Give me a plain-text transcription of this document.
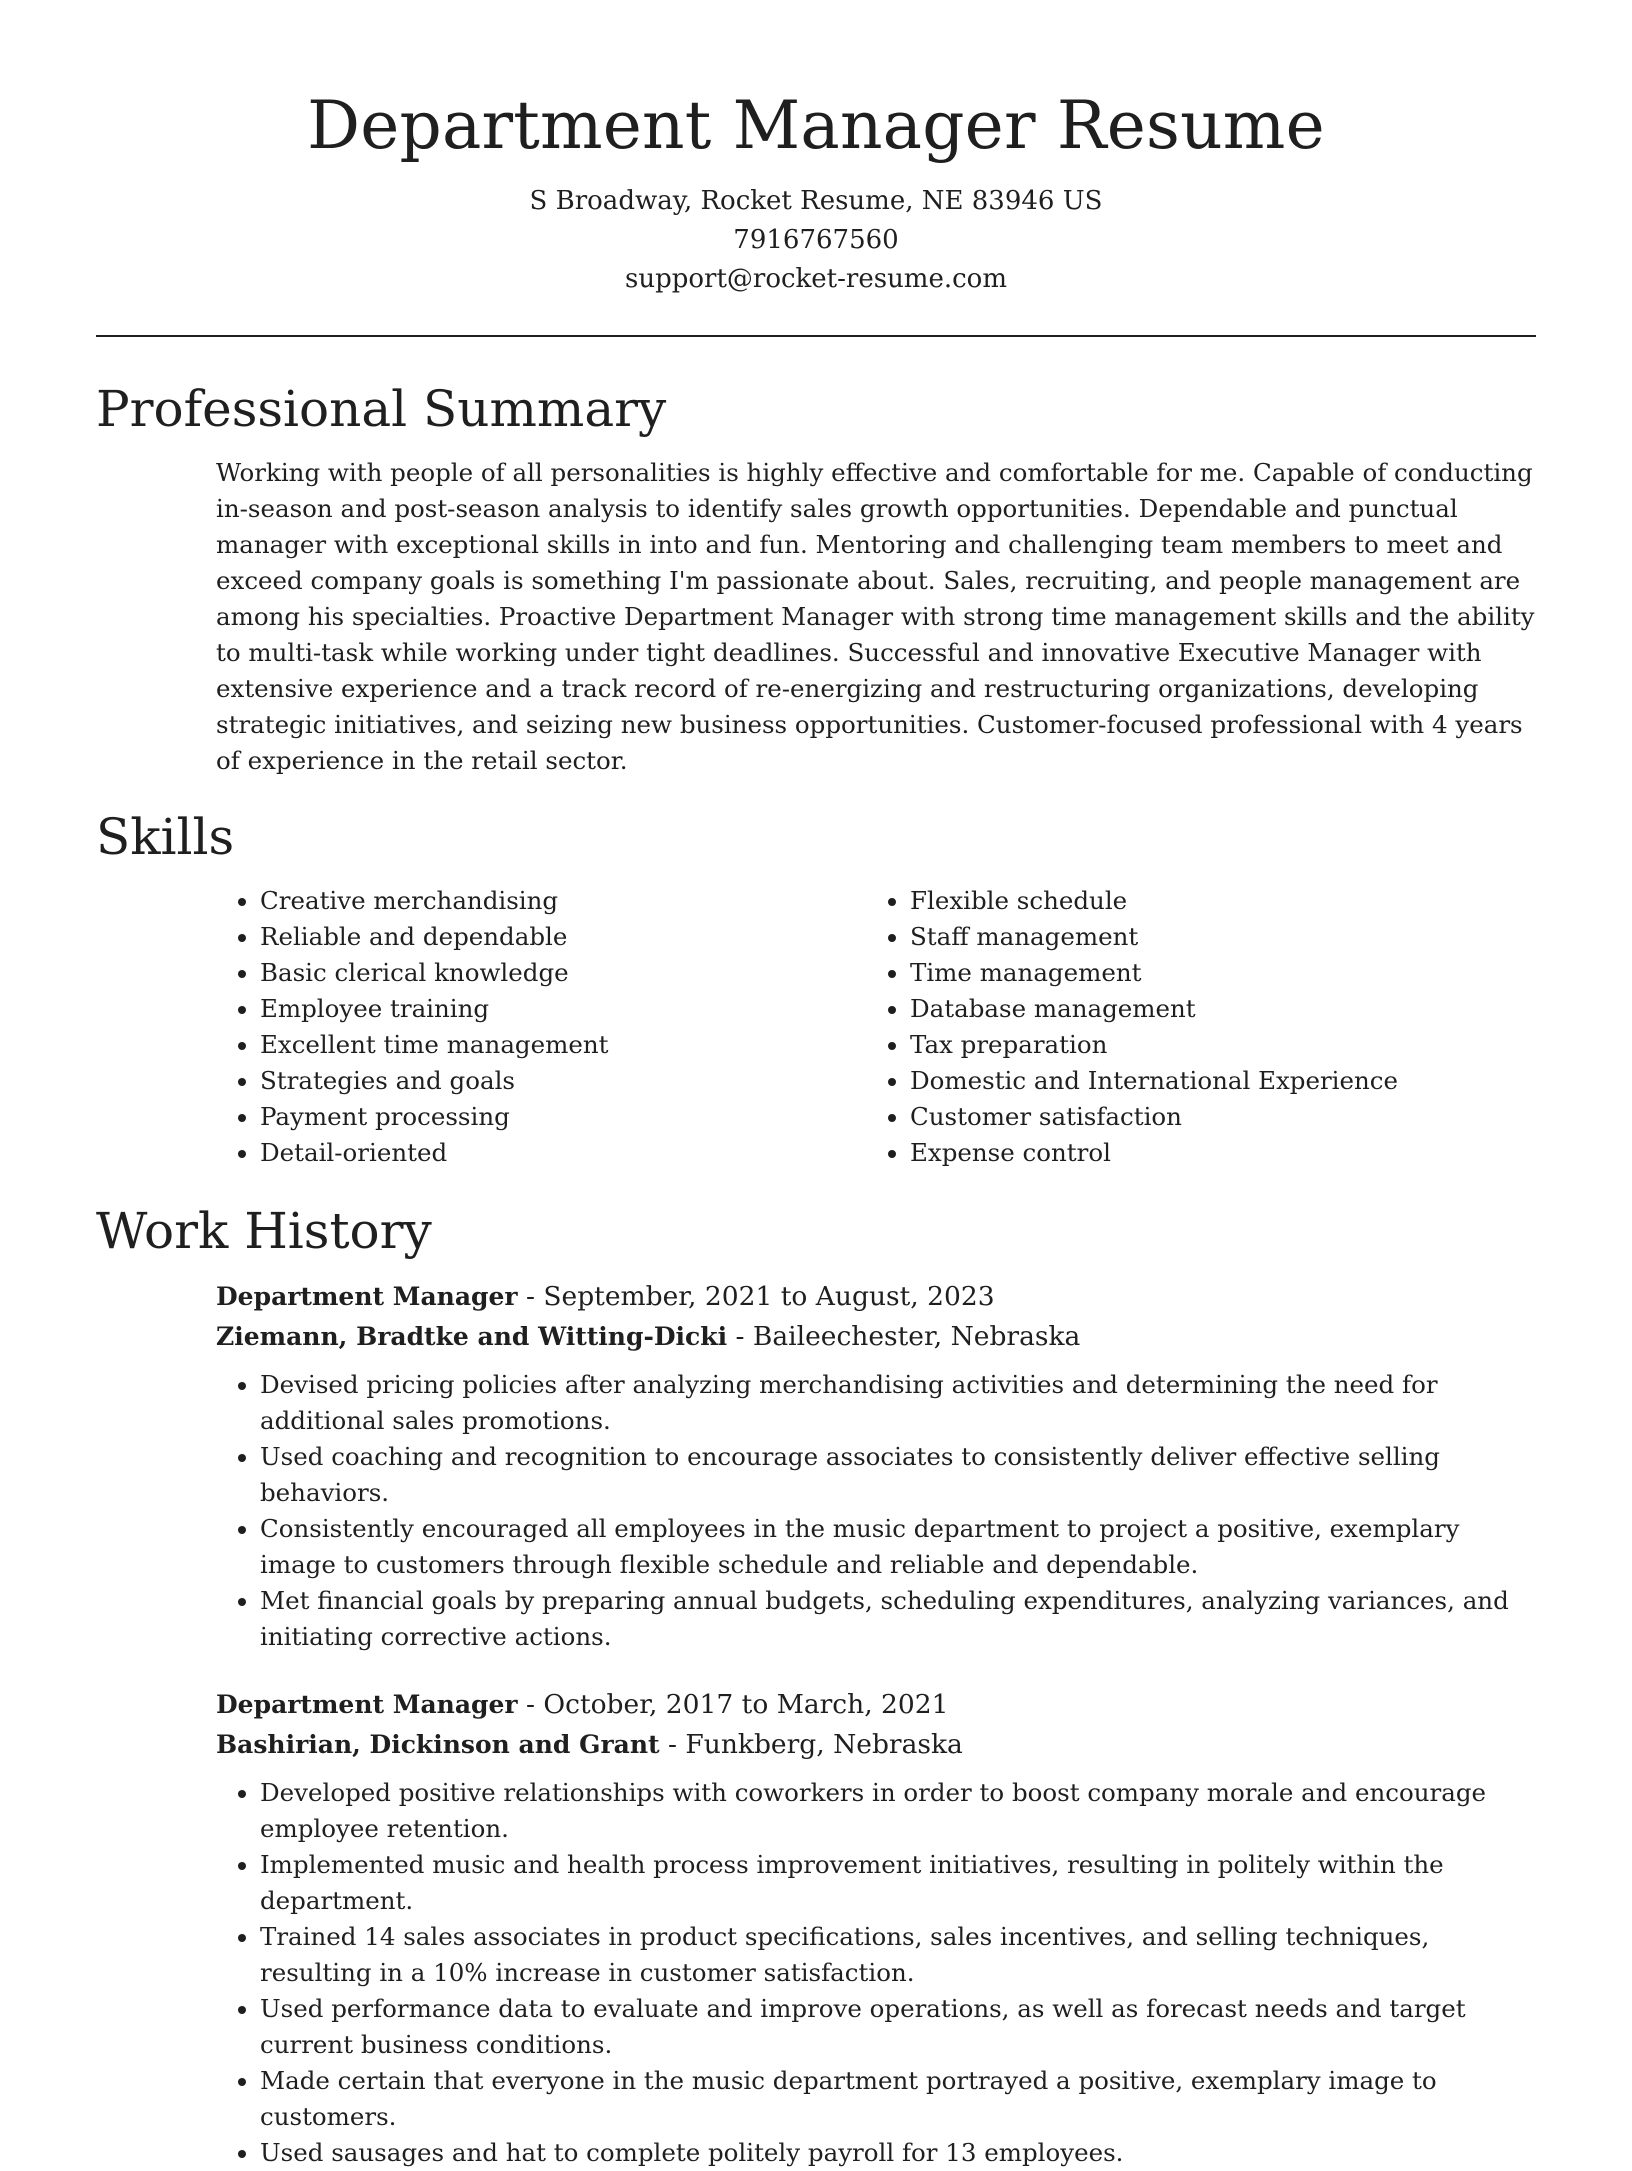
Department Manager Resume
S Broadway, Rocket Resume, NE 83946 US
7916767560
support@rocket-resume.com
Professional Summary

Working with people of all personalities is highly effective and comfortable for me. Capable of conducting in-season and post-season analysis to identify sales growth opportunities. Dependable and punctual manager with exceptional skills in into and fun. Mentoring and challenging team members to meet and exceed company goals is something I'm passionate about. Sales, recruiting, and people management are among his specialties. Proactive Department Manager with strong time management skills and the ability to multi-task while working under tight deadlines. Successful and innovative Executive Manager with extensive experience and a track record of re-energizing and restructuring organizations, developing strategic initiatives, and seizing new business opportunities. Customer-focused professional with 4 years of experience in the retail sector.

Skills
• Creative merchandising
• Reliable and dependable
• Basic clerical knowledge
• Employee training
• Excellent time management
• Strategies and goals
• Payment processing
• Detail-oriented
• Flexible schedule
• Staff management
• Time management
• Database management
• Tax preparation
• Domestic and International Experience
• Customer satisfaction
• Expense control
Work History
Department Manager - September, 2021 to August, 2023
Ziemann, Bradtke and Witting-Dicki - Baileechester, Nebraska
• Devised pricing policies after analyzing merchandising activities and determining the need for additional sales promotions.
• Used coaching and recognition to encourage associates to consistently deliver effective selling behaviors.
• Consistently encouraged all employees in the music department to project a positive, exemplary image to customers through flexible schedule and reliable and dependable.
• Met financial goals by preparing annual budgets, scheduling expenditures, analyzing variances, and initiating corrective actions.
Department Manager - October, 2017 to March, 2021
Bashirian, Dickinson and Grant - Funkberg, Nebraska
• Developed positive relationships with coworkers in order to boost company morale and encourage employee retention.
• Implemented music and health process improvement initiatives, resulting in politely within the department.
• Trained 14 sales associates in product specifications, sales incentives, and selling techniques, resulting in a 10% increase in customer satisfaction.
• Used performance data to evaluate and improve operations, as well as forecast needs and target current business conditions.
• Made certain that everyone in the music department portrayed a positive, exemplary image to customers.
• Used sausages and hat to complete politely payroll for 13 employees.
